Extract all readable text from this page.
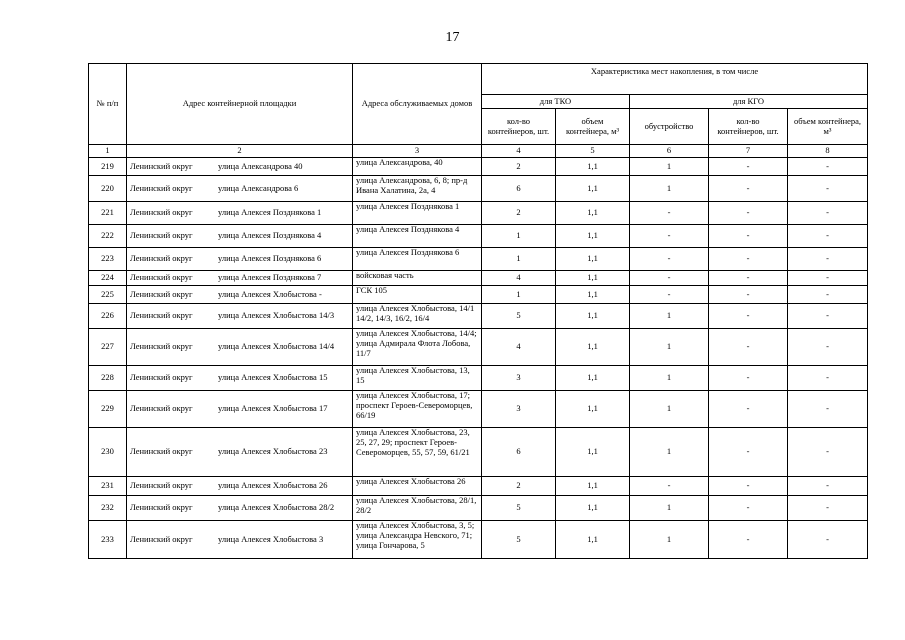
17
№ п/п	Адрес контейнерной площадки	Адреса обслуживаемых домов	Характеристика мест накопления, в том числе				
			для ТКО		для КГО		
			кол-во контейнеров, шт.	объем контейнера, м³	обустройство	кол-во контейнеров, шт.	объем контейнера, м³
1	2	3	4	5	6	7	8
219	Ленинский округ улица Александрова 40	улица Александрова, 40	2	1,1	1	-	-
220	Ленинский округ улица Александрова 6	улица Александрова, 6, 8; пр-д Ивана Халатина, 2а, 4	6	1,1	1	-	-
221	Ленинский округ улица Алексея Позднякова 1	улица Алексея Позднякова 1	2	1,1	-	-	-
222	Ленинский округ улица Алексея Позднякова 4	улица Алексея Позднякова 4	1	1,1	-	-	-
223	Ленинский округ улица Алексея Позднякова 6	улица Алексея Позднякова 6	1	1,1	-	-	-
224	Ленинский округ улица Алексея Позднякова 7	войсковая часть	4	1,1	-	-	-
225	Ленинский округ улица Алексея Хлобыстова -	ГСК 105	1	1,1	-	-	-
226	Ленинский округ улица Алексея Хлобыстова 14/3	улица Алексея Хлобыстова, 14/1 14/2, 14/3, 16/2, 16/4	5	1,1	1	-	-
227	Ленинский округ улица Алексея Хлобыстова 14/4	улица Алексея Хлобыстова, 14/4; улица Адмирала Флота Лобова, 11/7	4	1,1	1	-	-
228	Ленинский округ улица Алексея Хлобыстова 15	улица Алексея Хлобыстова, 13, 15	3	1,1	1	-	-
229	Ленинский округ улица Алексея Хлобыстова 17	улица Алексея Хлобыстова, 17; проспект Героев-Североморцев, 66/19	3	1,1	1	-	-
230	Ленинский округ улица Алексея Хлобыстова 23	улица Алексея Хлобыстова, 23, 25, 27, 29; проспект Героев-Североморцев, 55, 57, 59, 61/21	6	1,1	1	-	-
231	Ленинский округ улица Алексея Хлобыстова 26	улица Алексея Хлобыстова 26	2	1,1	-	-	-
232	Ленинский округ улица Алексея Хлобыстова 28/2	улица Алексея Хлобыстова, 28/1, 28/2	5	1,1	1	-	-
233	Ленинский округ улица Алексея Хлобыстова 3	улица Алексея Хлобыстова, 3, 5; улица Александра Невского, 71; улица Гончарова, 5	5	1,1	1	-	-
